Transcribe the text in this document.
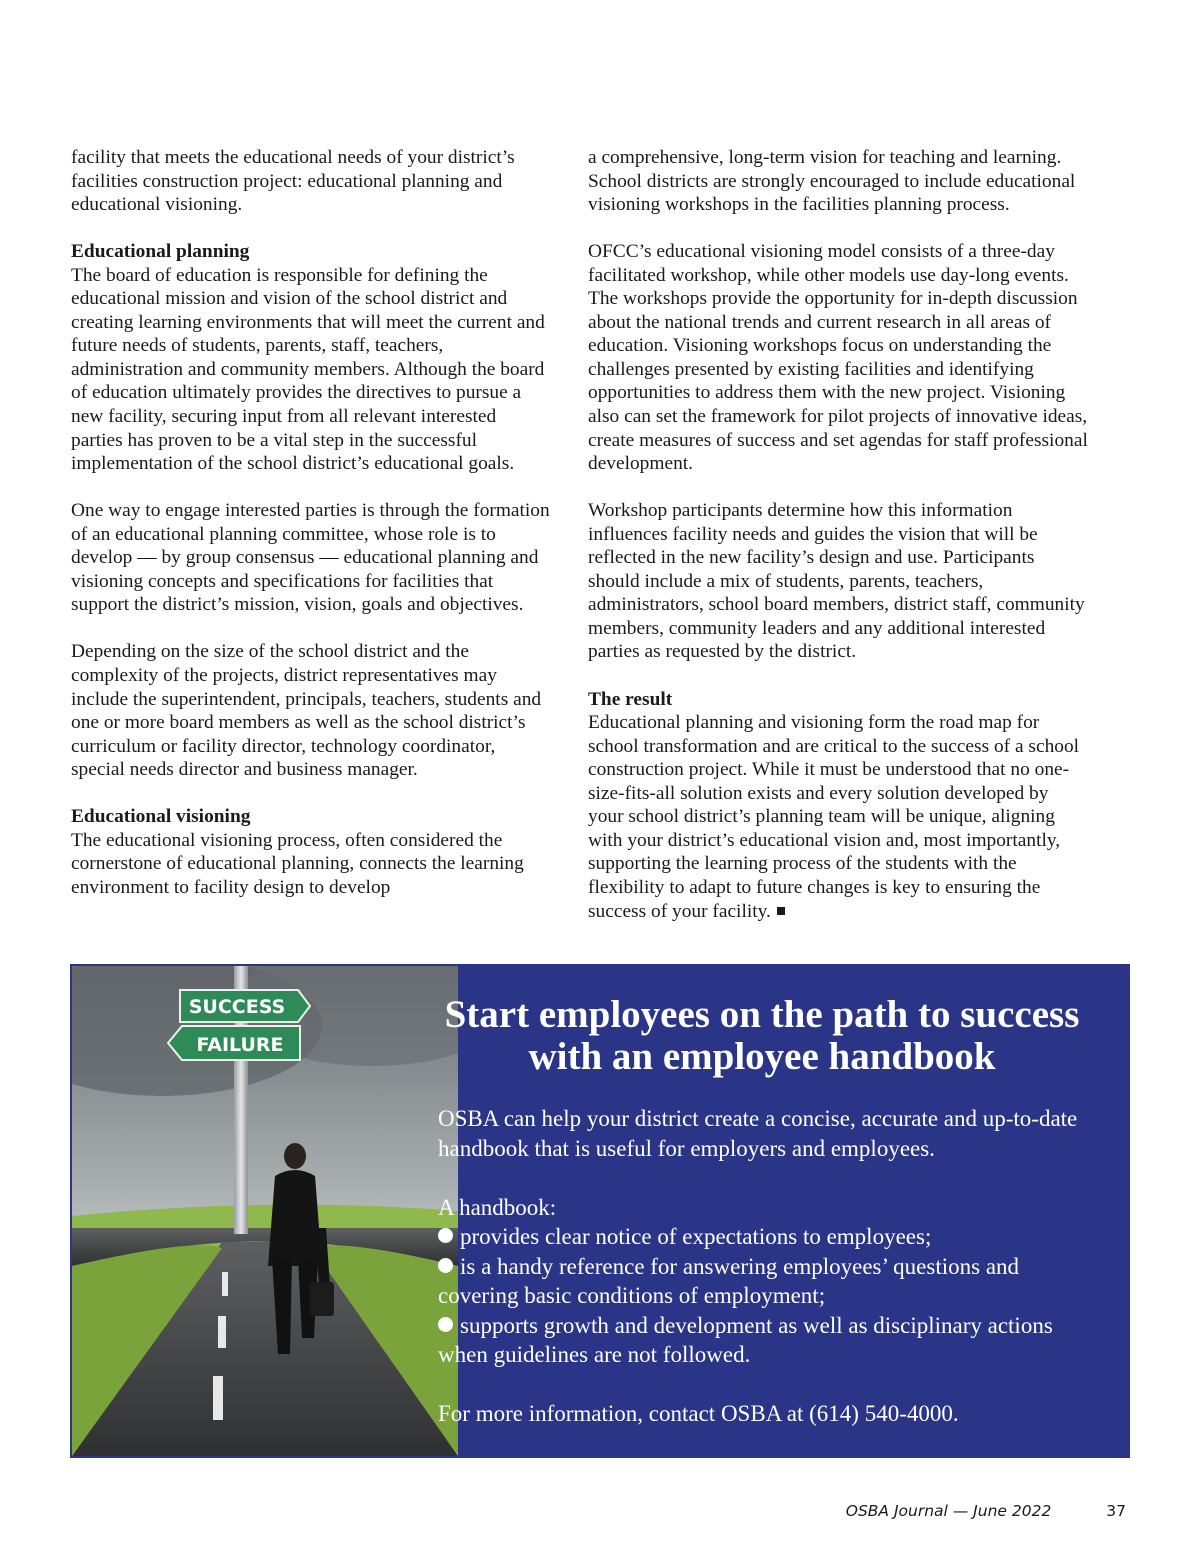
facility that meets the educational needs of your district’s facilities construction project: educational planning and educational visioning.

Educational planning

The board of education is responsible for defining the educational mission and vision of the school district and creating learning environments that will meet the current and future needs of students, parents, staff, teachers, administration and community members. Although the board of education ultimately provides the directives to pursue a new facility, securing input from all relevant interested parties has proven to be a vital step in the successful implementation of the school district’s educational goals.

One way to engage interested parties is through the formation of an educational planning committee, whose role is to develop — by group consensus — educational planning and visioning concepts and specifications for facilities that support the district’s mission, vision, goals and objectives.

Depending on the size of the school district and the complexity of the projects, district representatives may include the superintendent, principals, teachers, students and one or more board members as well as the school district’s curriculum or facility director, technology coordinator, special needs director and business manager.

Educational visioning

The educational visioning process, often considered the cornerstone of educational planning, connects the learning environment to facility design to develop

a comprehensive, long-term vision for teaching and learning. School districts are strongly encouraged to include educational visioning workshops in the facilities planning process.

OFCC’s educational visioning model consists of a three-day facilitated workshop, while other models use day-long events. The workshops provide the opportunity for in-depth discussion about the national trends and current research in all areas of education. Visioning workshops focus on understanding the challenges presented by existing facilities and identifying opportunities to address them with the new project. Visioning also can set the framework for pilot projects of innovative ideas, create measures of success and set agendas for staff professional development.

Workshop participants determine how this information influences facility needs and guides the vision that will be reflected in the new facility’s design and use. Participants should include a mix of students, parents, teachers, administrators, school board members, district staff, community members, community leaders and any additional interested parties as requested by the district.

The result

Educational planning and visioning form the road map for school transformation and are critical to the success of a school construction project. While it must be understood that no one-size-fits-all solution exists and every solution developed by your school district’s planning team will be unique, aligning with your district’s educational vision and, most importantly, supporting the learning process of the students with the flexibility to adapt to future changes is key to ensuring the success of your facility.

SUCCESS
FAILURE
Start employees on the path to success with an employee handbook

OSBA can help your district create a concise, accurate and up-to-date handbook that is useful for employers and employees.

A handbook:

provides clear notice of expectations to employees;

is a handy reference for answering employees’ questions and covering basic conditions of employment;

supports growth and development as well as disciplinary actions when guidelines are not followed.

For more information, contact OSBA at (614) 540-4000.

OSBA Journal — June 2022	37
